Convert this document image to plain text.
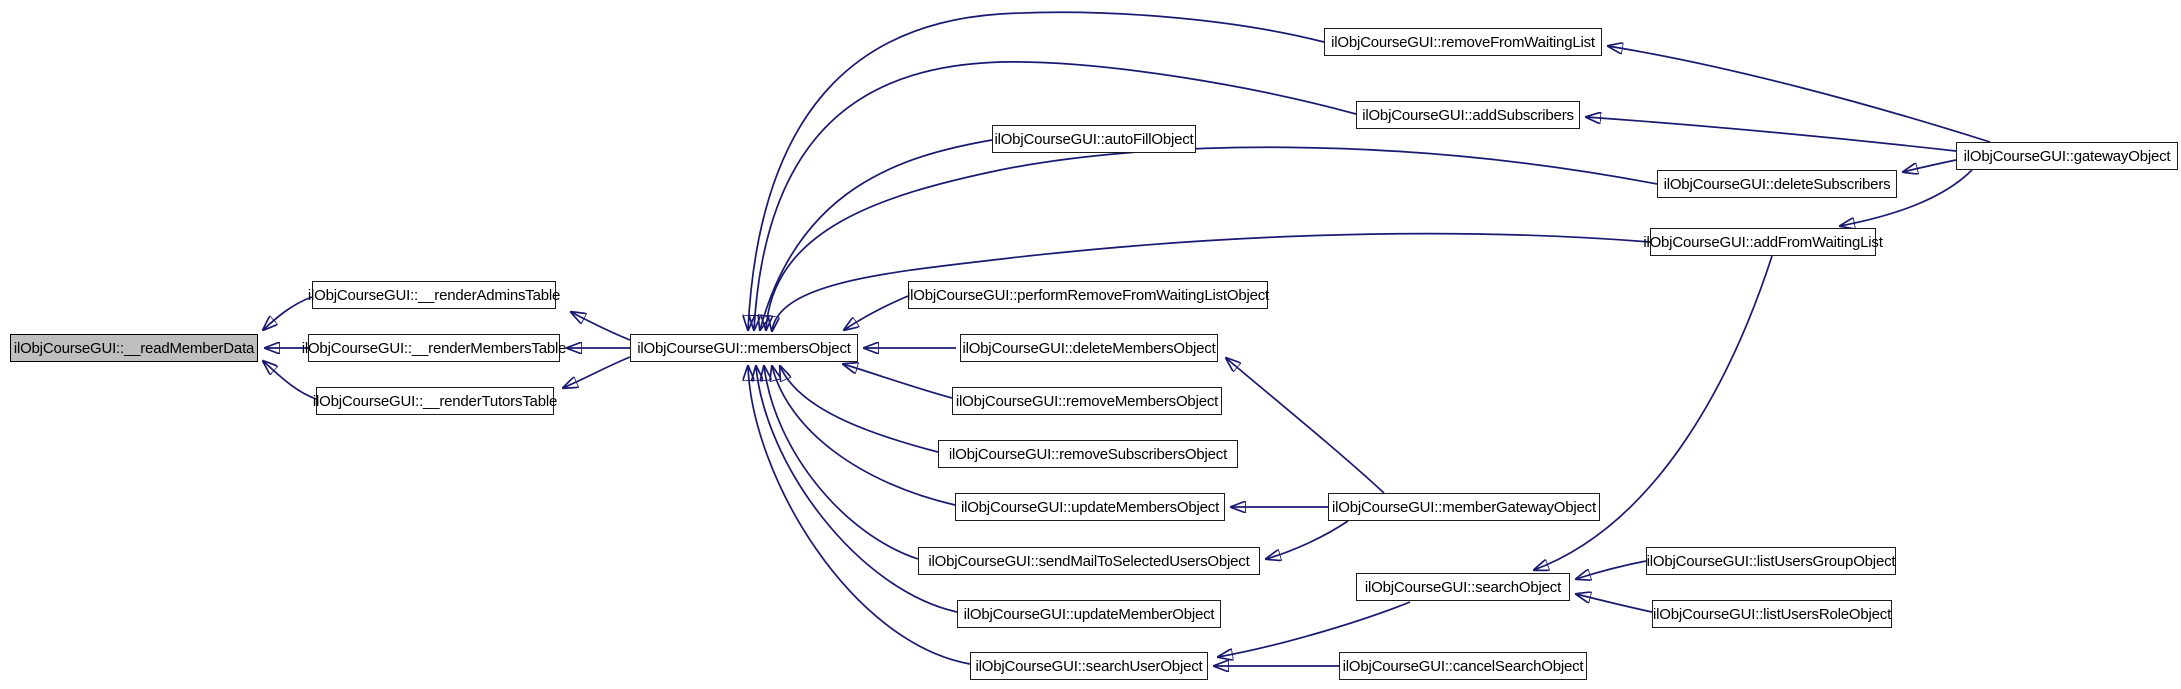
ilObjCourseGUI::__readMemberData
ilObjCourseGUI::__renderAdminsTable
ilObjCourseGUI::__renderMembersTable
ilObjCourseGUI::__renderTutorsTable
ilObjCourseGUI::membersObject
ilObjCourseGUI::removeFromWaitingList
ilObjCourseGUI::addSubscribers
ilObjCourseGUI::autoFillObject
ilObjCourseGUI::gatewayObject
ilObjCourseGUI::deleteSubscribers
ilObjCourseGUI::addFromWaitingList
ilObjCourseGUI::performRemoveFromWaitingListObject
ilObjCourseGUI::deleteMembersObject
ilObjCourseGUI::removeMembersObject
ilObjCourseGUI::removeSubscribersObject
ilObjCourseGUI::updateMembersObject	ilObjCourseGUI::memberGatewayObject
ilObjCourseGUI::sendMailToSelectedUsersObject	ilObjCourseGUI::listUsersGroupObject
ilObjCourseGUI::searchObject
ilObjCourseGUI::updateMemberObject	ilObjCourseGUI::listUsersRoleObject
ilObjCourseGUI::searchUserObject	ilObjCourseGUI::cancelSearchObject
